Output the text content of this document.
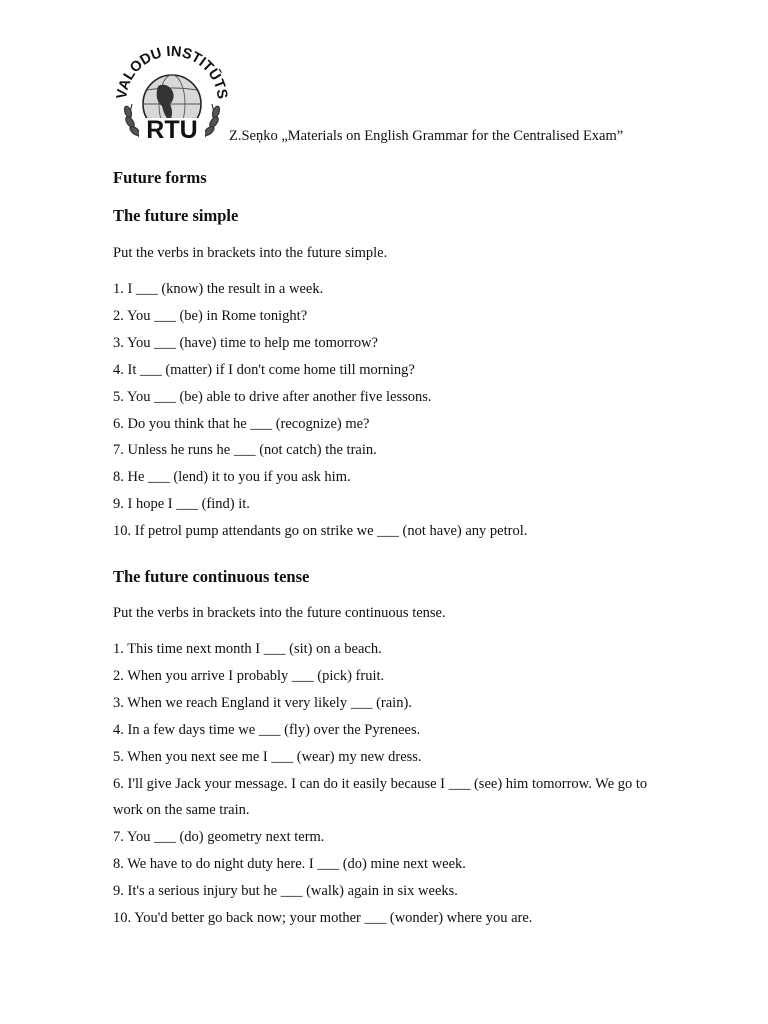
VALODU INSTITŪTS
RTU Z.Seņko „Materials on English Grammar for the Centralised Exam”
Future forms
The future simple
Put the verbs in brackets into the future simple.
1. I ___ (know) the result in a week.
2. You ___ (be) in Rome tonight?
3. You ___ (have) time to help me tomorrow?
4. It ___ (matter) if I don't come home till morning?
5. You ___ (be) able to drive after another five lessons.
6. Do you think that he ___ (recognize) me?
7. Unless he runs he ___ (not catch) the train.
8. He ___ (lend) it to you if you ask him.
9. I hope I ___ (find) it.
10. If petrol pump attendants go on strike we ___ (not have) any petrol.
The future continuous tense
Put the verbs in brackets into the future continuous tense.
1. This time next month I ___ (sit) on a beach.
2. When you arrive I probably ___ (pick) fruit.
3. When we reach England it very likely ___ (rain).
4. In a few days time we ___ (fly) over the Pyrenees.
5. When you next see me I ___ (wear) my new dress.
6. I'll give Jack your message. I can do it easily because I ___ (see) him tomorrow. We go to work on the same train.
7. You ___ (do) geometry next term.
8. We have to do night duty here. I ___ (do) mine next week.
9. It's a serious injury but he ___ (walk) again in six weeks.
10. You'd better go back now; your mother ___ (wonder) where you are.
